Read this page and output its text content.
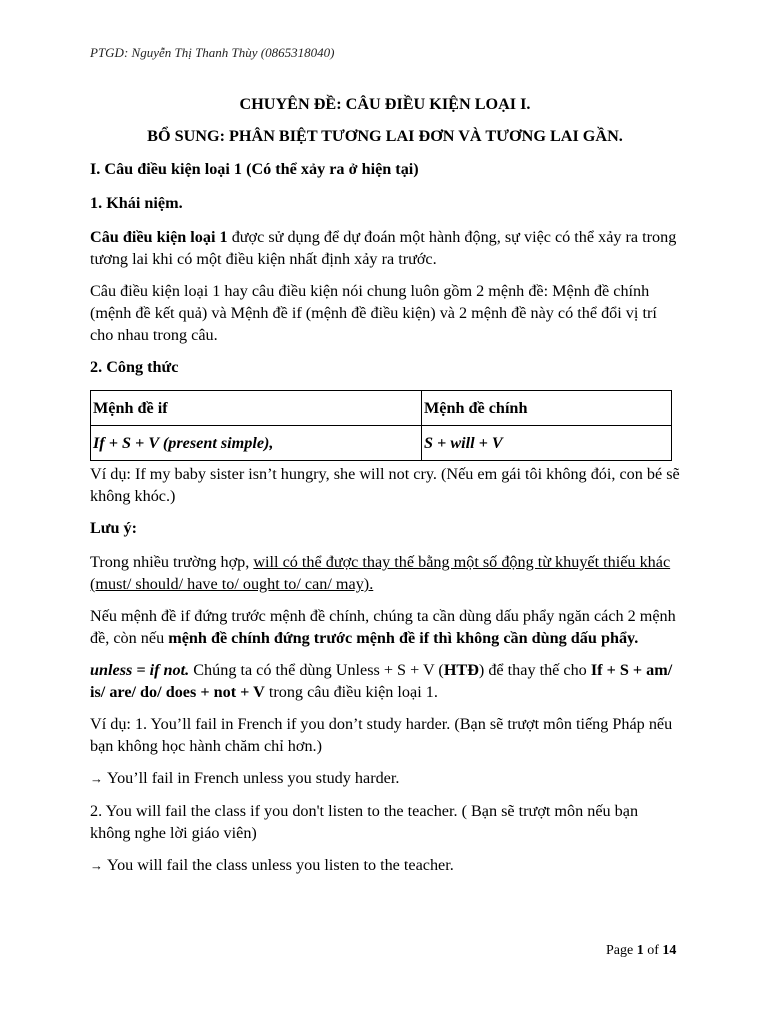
PTGD: Nguyễn Thị Thanh Thùy (0865318040)

CHUYÊN ĐỀ: CÂU ĐIỀU KIỆN LOẠI I.

BỔ SUNG: PHÂN BIỆT TƯƠNG LAI ĐƠN VÀ TƯƠNG LAI GẦN.

I. Câu điều kiện loại 1 (Có thể xảy ra ở hiện tại)

1. Khái niệm.

Câu điều kiện loại 1 được sử dụng để dự đoán một hành động, sự việc có thể xảy ra trong tương lai khi có một điều kiện nhất định xảy ra trước.

Câu điều kiện loại 1 hay câu điều kiện nói chung luôn gồm 2 mệnh đề: Mệnh đề chính (mệnh đề kết quả) và Mệnh đề if (mệnh đề điều kiện) và 2 mệnh đề này có thể đổi vị trí cho nhau trong câu.

2. Công thức

Mệnh đề if	Mệnh đề chính
If + S + V (present simple),	S + will + V

Ví dụ: If my baby sister isn’t hungry, she will not cry. (Nếu em gái tôi không đói, con bé sẽ không khóc.)

Lưu ý:

Trong nhiều trường hợp, will có thể được thay thế bằng một số động từ khuyết thiếu khác (must/ should/ have to/ ought to/ can/ may).

Nếu mệnh đề if đứng trước mệnh đề chính, chúng ta cần dùng dấu phẩy ngăn cách 2 mệnh đề, còn nếu mệnh đề chính đứng trước mệnh đề if thì không cần dùng dấu phẩy.

unless = if not. Chúng ta có thể dùng Unless + S + V (HTĐ) để thay thế cho If + S + am/ is/ are/ do/ does + not + V trong câu điều kiện loại 1.

Ví dụ: 1. You’ll fail in French if you don’t study harder. (Bạn sẽ trượt môn tiếng Pháp nếu bạn không học hành chăm chỉ hơn.)

→ You’ll fail in French unless you study harder.

2. You will fail the class if you don't listen to the teacher. ( Bạn sẽ trượt môn nếu bạn không nghe lời giáo viên)

→ You will fail the class unless you listen to the teacher.

Page 1 of 14
